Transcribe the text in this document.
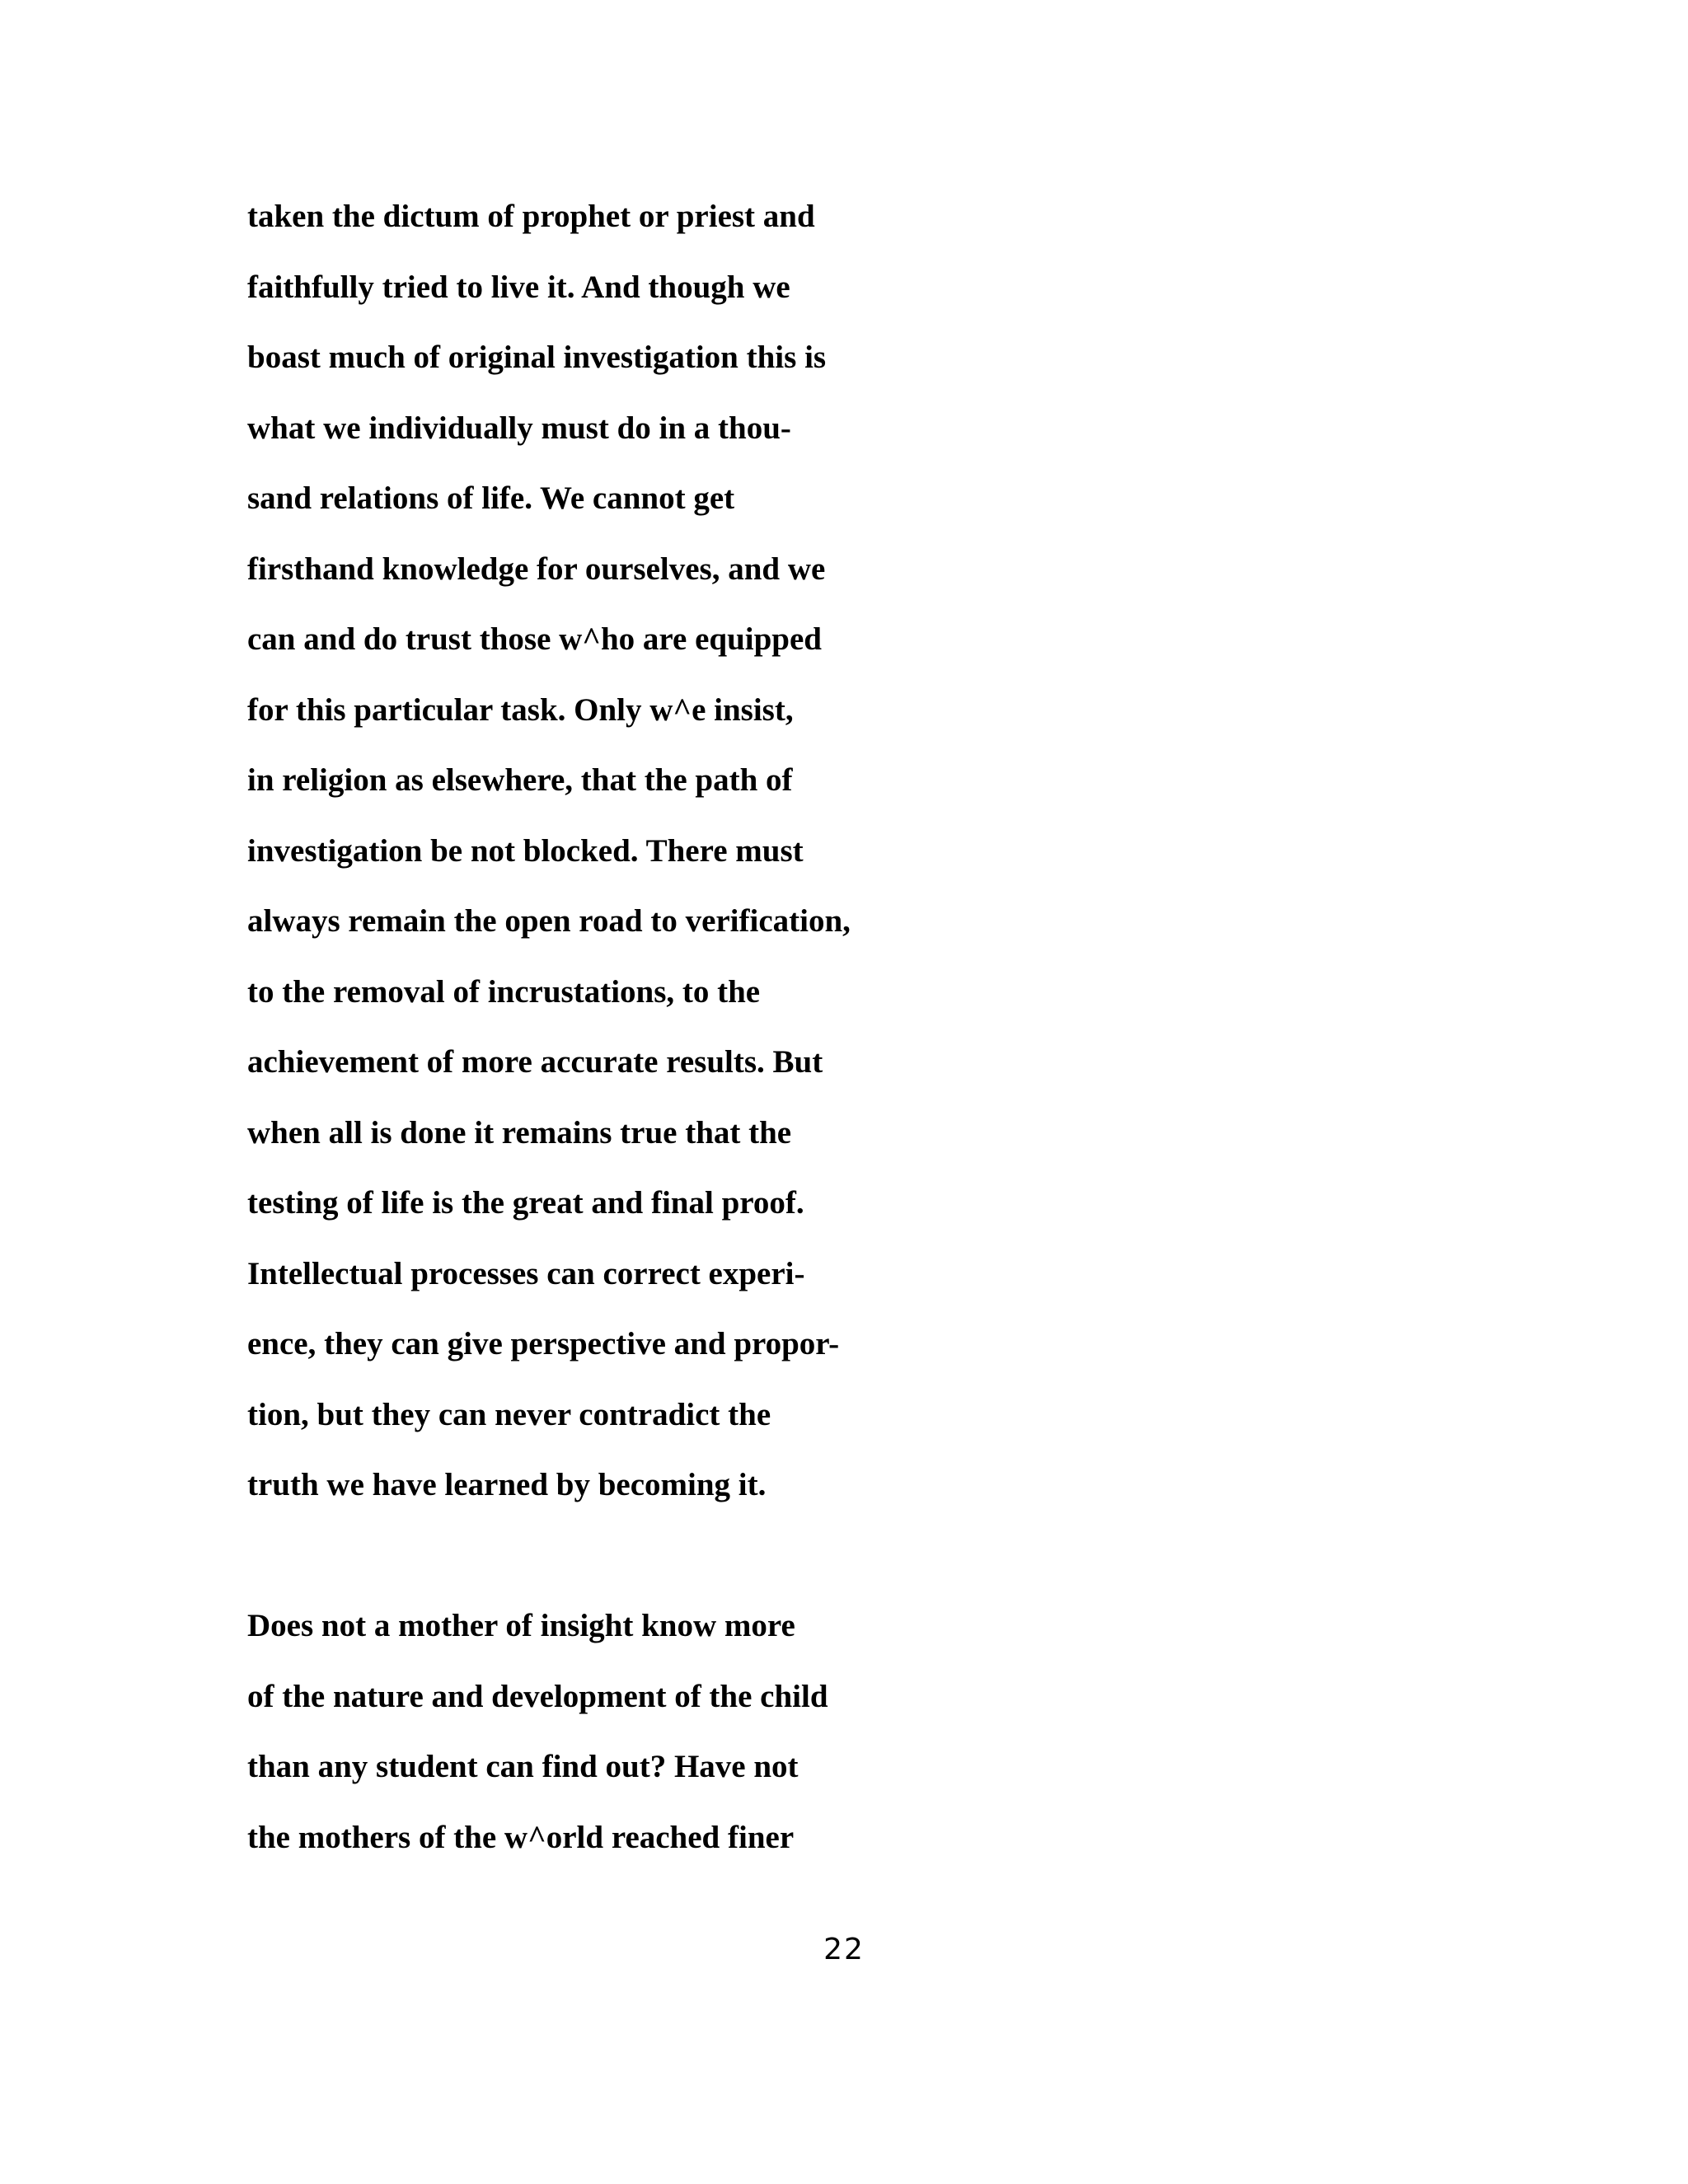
taken the dictum of prophet or priest and
faithfully tried to live it. And though we
boast much of original investigation this is
what we individually must do in a thou-
sand relations of life. We cannot get
firsthand knowledge for ourselves, and we
can and do trust those w^ho are equipped
for this particular task. Only w^e insist,
in religion as elsewhere, that the path of
investigation be not blocked. There must
always remain the open road to verification,
to the removal of incrustations, to the
achievement of more accurate results. But
when all is done it remains true that the
testing of life is the great and final proof.
Intellectual processes can correct experi-
ence, they can give perspective and propor-
tion, but they can never contradict the
truth we have learned by becoming it.
Does not a mother of insight know more
of the nature and development of the child
than any student can find out? Have not
the mothers of the w^orld reached finer
22
